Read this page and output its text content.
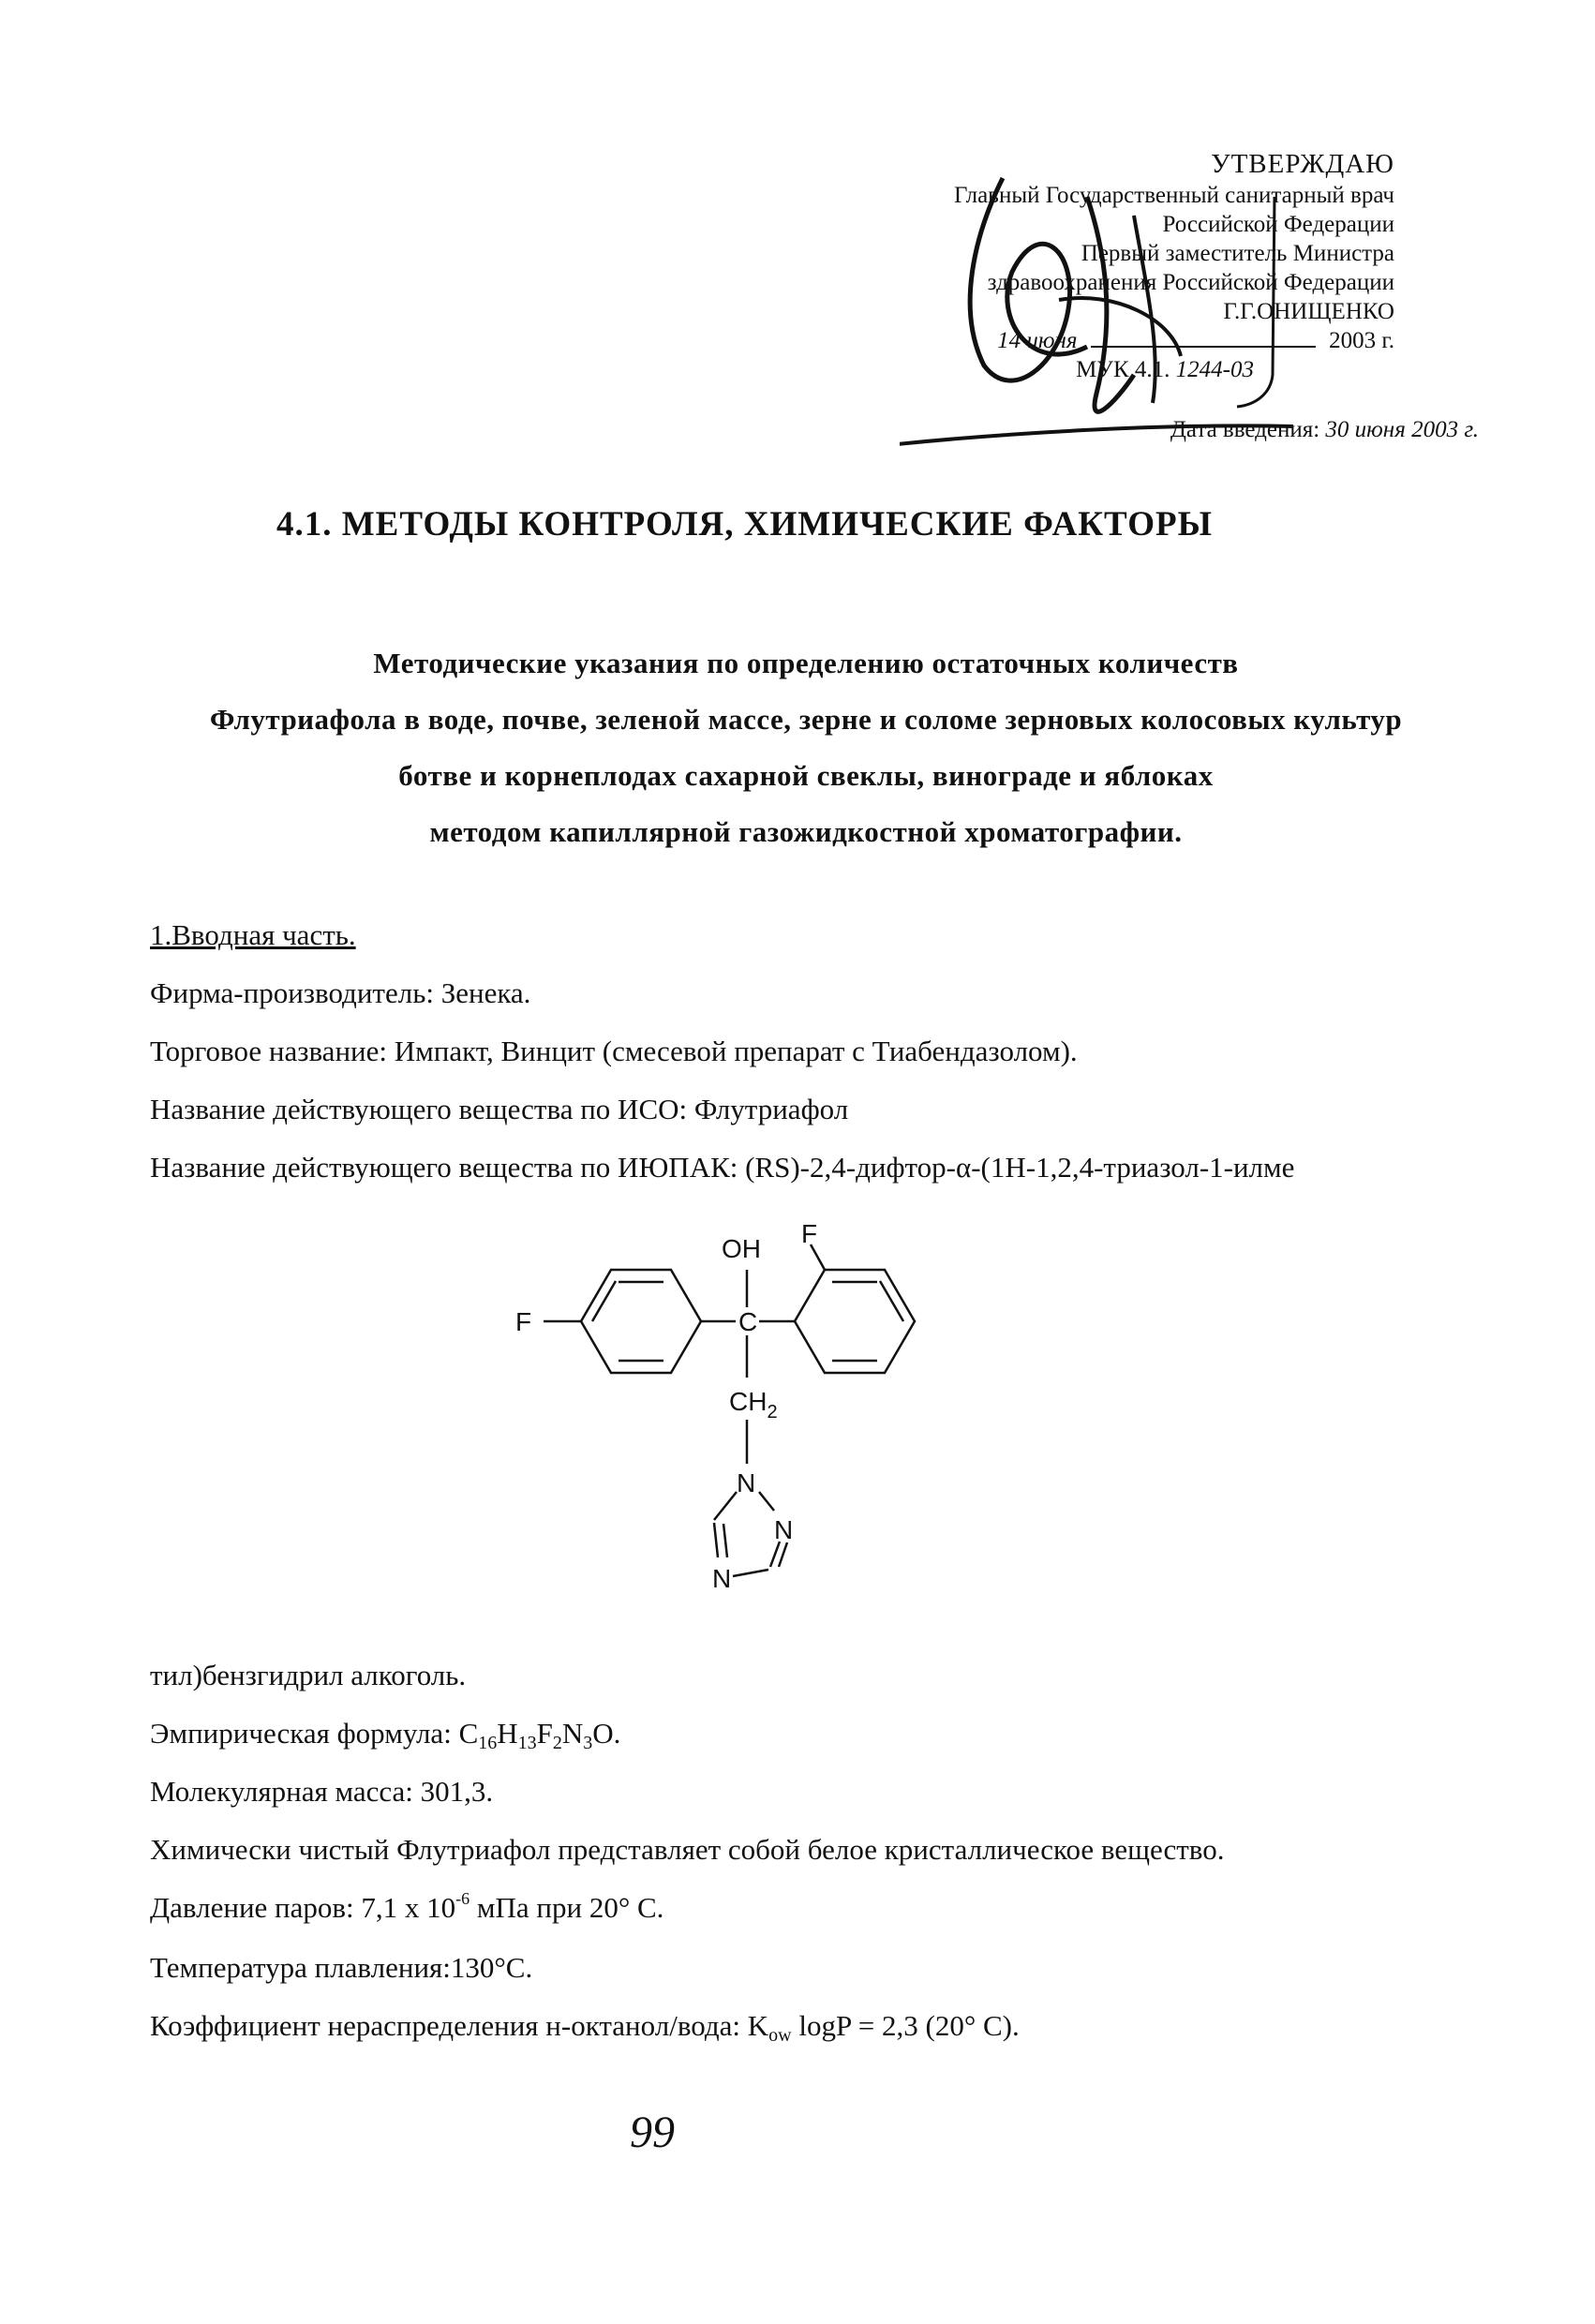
УТВЕРЖДАЮ
Главный Государственный санитарный врач
Российской Федерации
Первый заместитель Министра
здравоохранения Российской Федерации
Г.Г.ОНИЩЕНКО
14 июня	2003 г.
МУК 4.1. 1244-03
Дата введения: 30 июня 2003 г.
4.1. МЕТОДЫ КОНТРОЛЯ, ХИМИЧЕСКИЕ ФАКТОРЫ
Методические указания по определению остаточных количеств
Флутриафола в воде, почве, зеленой массе, зерне и соломе зерновых колосовых культур
ботве и корнеплодах сахарной свеклы, винограде и яблоках
методом капиллярной газожидкостной хроматографии.
1.Вводная часть.
Фирма-производитель: Зенека.
Торговое название: Импакт, Винцит (смесевой препарат с Тиабендазолом).
Название действующего вещества по ИСО: Флутриафол
Название действующего вещества по ИЮПАК: (RS)-2,4-дифтор-α-(1Н-1,2,4-триазол-1-илме
OH
F
F	C
$CH_2$
N
N
N
тил)бензгидрил алкоголь.
Эмпирическая формула: $C_{16}H_{13}F_2N_3O$.
Молекулярная масса: 301,3.
Химически чистый Флутриафол представляет собой белое кристаллическое вещество.
Давление паров: 7,1 х $10^{-6}$ мПа при 20° С.
Температура плавления:130°С.
Коэффициент нераспределения н-октанол/вода: $K_{ow}$ logP = 2,3 (20° С).
99
